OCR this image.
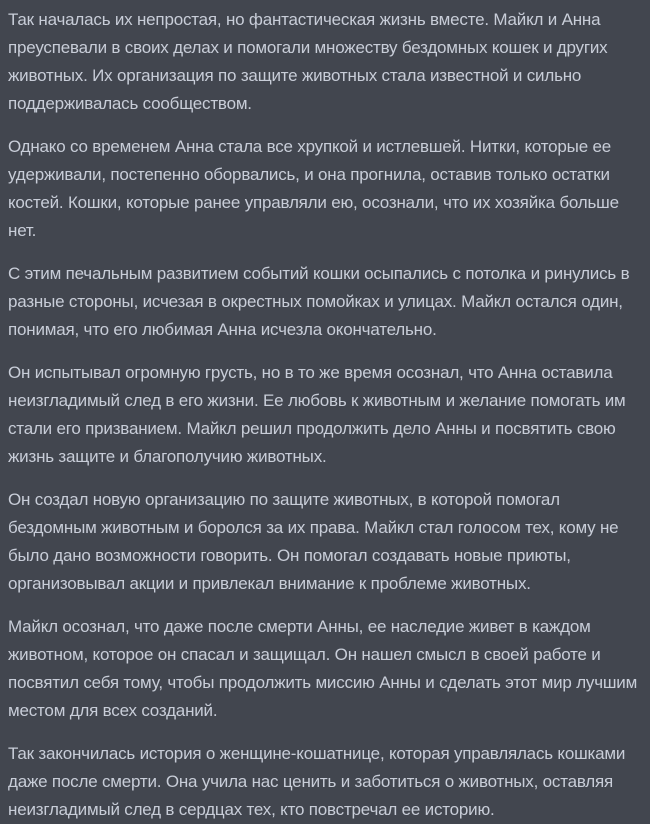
Так началась их непростая, но фантастическая жизнь вместе. Майкл и Анна преуспевали в своих делах и помогали множеству бездомных кошек и других животных. Их организация по защите животных стала известной и сильно поддерживалась сообществом.

Однако со временем Анна стала все хрупкой и истлевшей. Нитки, которые ее удерживали, постепенно оборвались, и она прогнила, оставив только остатки костей. Кошки, которые ранее управляли ею, осознали, что их хозяйка больше нет.

С этим печальным развитием событий кошки осыпались с потолка и ринулись в разные стороны, исчезая в окрестных помойках и улицах. Майкл остался один, понимая, что его любимая Анна исчезла окончательно.

Он испытывал огромную грусть, но в то же время осознал, что Анна оставила неизгладимый след в его жизни. Ее любовь к животным и желание помогать им стали его призванием. Майкл решил продолжить дело Анны и посвятить свою жизнь защите и благополучию животных.

Он создал новую организацию по защите животных, в которой помогал бездомным животным и боролся за их права. Майкл стал голосом тех, кому не было дано возможности говорить. Он помогал создавать новые приюты, организовывал акции и привлекал внимание к проблеме животных.

Майкл осознал, что даже после смерти Анны, ее наследие живет в каждом животном, которое он спасал и защищал. Он нашел смысл в своей работе и посвятил себя тому, чтобы продолжить миссию Анны и сделать этот мир лучшим местом для всех созданий.

Так закончилась история о женщине-кошатнице, которая управлялась кошками даже после смерти. Она учила нас ценить и заботиться о животных, оставляя неизгладимый след в сердцах тех, кто повстречал ее историю.
